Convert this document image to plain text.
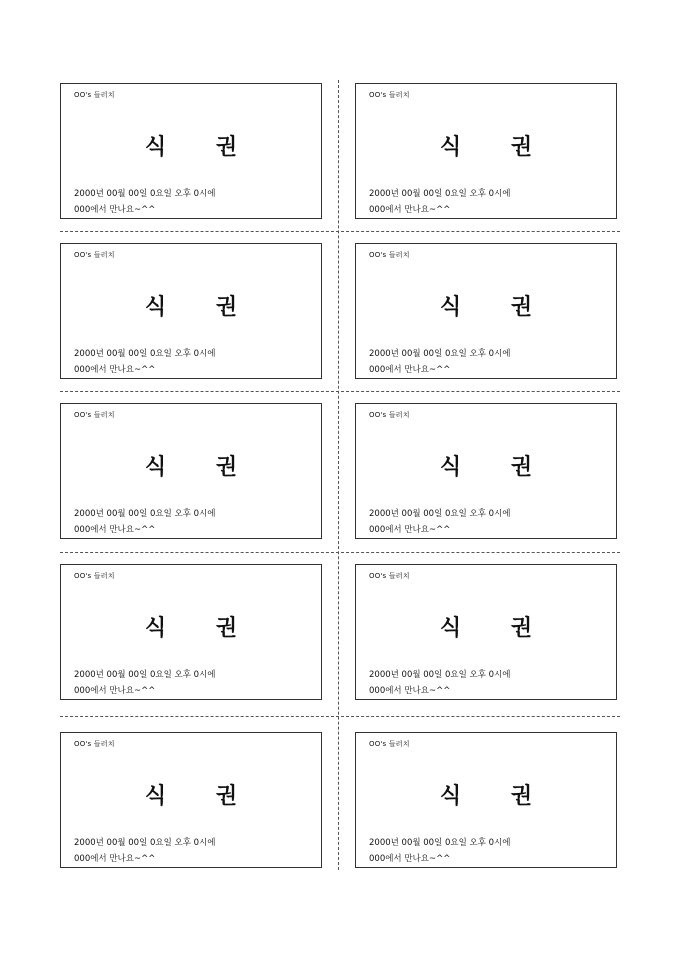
OO's 들러치
식 권
2000년 00월 00일 0요일 오후 0시에
000에서 만나요~^^
OO's 들러치
식 권
2000년 00월 00일 0요일 오후 0시에
000에서 만나요~^^
OO's 들러치
식 권
2000년 00월 00일 0요일 오후 0시에
000에서 만나요~^^
OO's 들러치
식 권
2000년 00월 00일 0요일 오후 0시에
000에서 만나요~^^
OO's 들러치
식 권
2000년 00월 00일 0요일 오후 0시에
000에서 만나요~^^
OO's 들러치
식 권
2000년 00월 00일 0요일 오후 0시에
000에서 만나요~^^
OO's 들러치
식 권
2000년 00월 00일 0요일 오후 0시에
000에서 만나요~^^
OO's 들러치
식 권
2000년 00월 00일 0요일 오후 0시에
000에서 만나요~^^
OO's 들러치
식 권
2000년 00월 00일 0요일 오후 0시에
000에서 만나요~^^
OO's 들러치
식 권
2000년 00월 00일 0요일 오후 0시에
000에서 만나요~^^
